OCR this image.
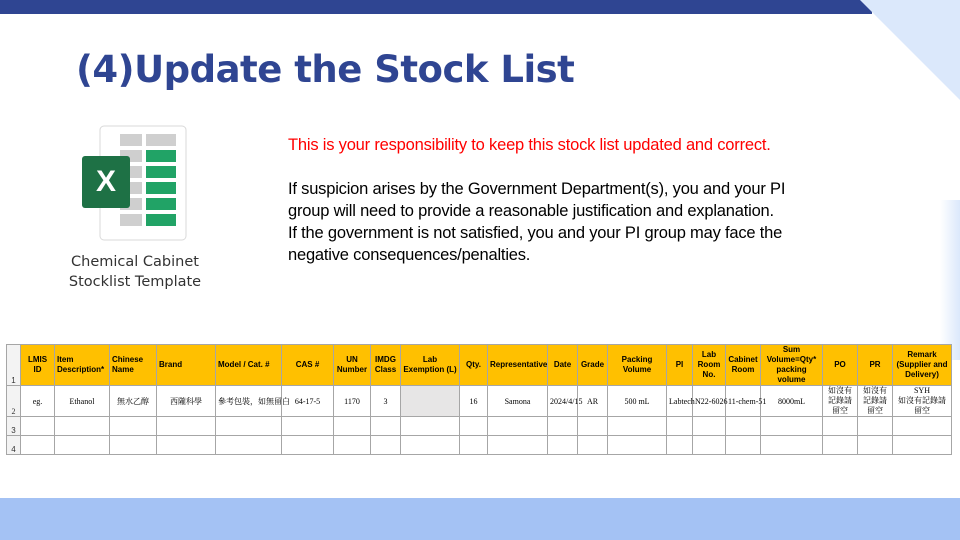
(4)Update the Stock List
X
Chemical Cabinet
Stocklist Template

This is your responsibility to keep this stock list updated and correct.

If suspicion arises by the Government Department(s), you and your PI

group will need to provide a reasonable justification and explanation.

If the government is not satisfied, you and your PI group may face the

negative consequences/penalties.

1	LMIS ID	Item Description*	Chinese Name	Brand	Model / Cat. #	CAS #	UN Number	IMDG Class	Lab Exemption (L)	Qty.	Representative	Date	Grade	Packing Volume	PI	Lab Room No.	Cabinet Room	Sum Volume=Qty* packing volume	PO	PR	Remark (Supplier and Delivery)
2	eg.	Ethanol	無水乙醇	西隴科學	參考包裝，如無留白	64-17-5	1170	3		16	Samona	2024/4/15	AR	500 mL	Labtech	N22-6026	11-chem-51	8000mL	如沒有記錄請留空	如沒有記錄請留空	SYH
如沒有記錄請留空

3																					
4																					
